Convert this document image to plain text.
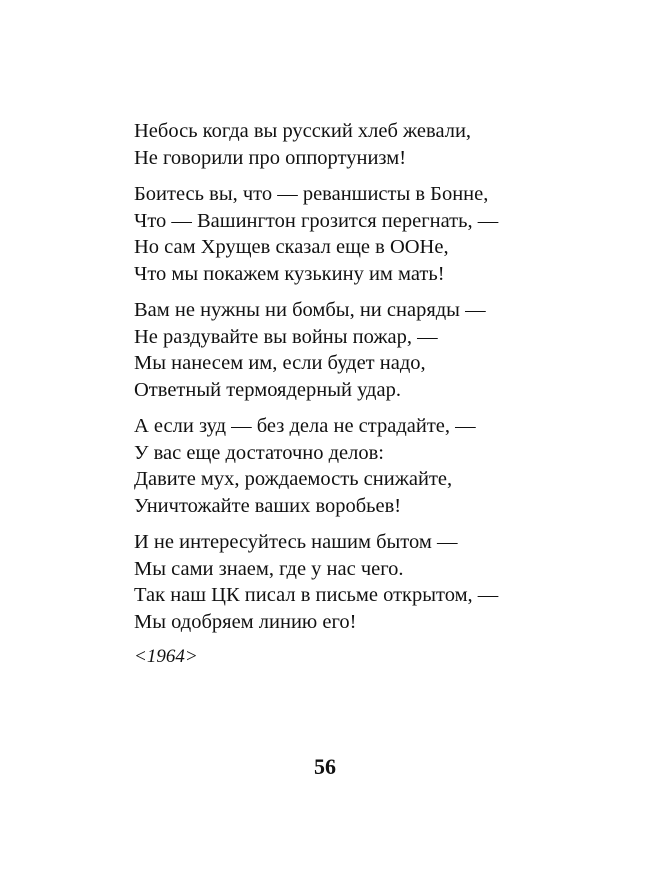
Небось когда вы русский хлеб жевали,
Не говорили про оппортунизм!
Боитесь вы, что — реваншисты в Бонне,
Что — Вашингтон грозится перегнать, —
Но сам Хрущев сказал еще в ООНе,
Что мы покажем кузькину им мать!
Вам не нужны ни бомбы, ни снаряды —
Не раздувайте вы войны пожар, —
Мы нанесем им, если будет надо,
Ответный термоядерный удар.
А если зуд — без дела не страдайте, —
У вас еще достаточно делов:
Давите мух, рождаемость снижайте,
Уничтожайте ваших воробьев!
И не интересуйтесь нашим бытом —
Мы сами знаем, где у нас чего.
Так наш ЦК писал в письме открытом, —
Мы одобряем линию его!
<1964>
56
